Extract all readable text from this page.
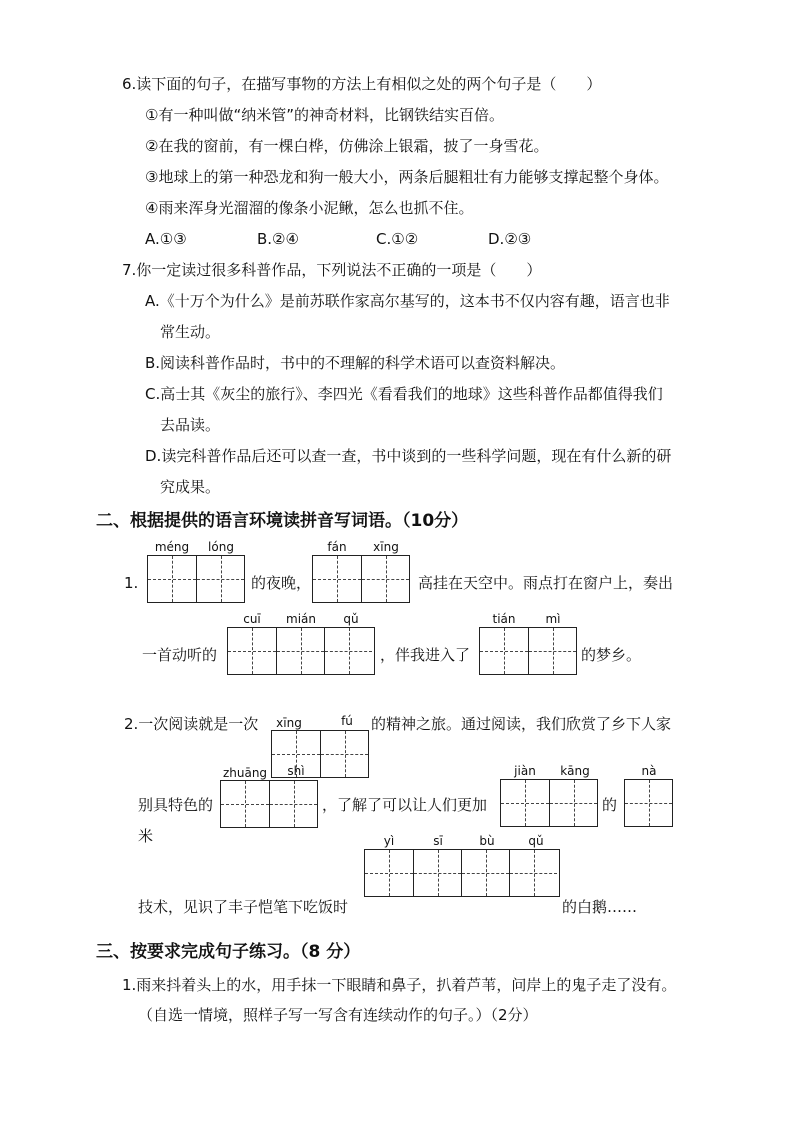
6.读下面的句子，在描写事物的方法上有相似之处的两个句子是（　　）
①有一种叫做“纳米管”的神奇材料，比钢铁结实百倍。
②在我的窗前，有一棵白桦，仿佛涂上银霜，披了一身雪花。
③地球上的第一种恐龙和狗一般大小，两条后腿粗壮有力能够支撑起整个身体。
④雨来浑身光溜溜的像条小泥鳅，怎么也抓不住。
A.①③	B.②④	C.①②	D.②③
7.你一定读过很多科普作品，下列说法不正确的一项是（　　）
A.《十万个为什么》是前苏联作家高尔基写的，这本书不仅内容有趣，语言也非
常生动。
B.阅读科普作品时，书中的不理解的科学术语可以查资料解决。
C.高士其《灰尘的旅行》、李四光《看看我们的地球》这些科普作品都值得我们
去品读。
D.读完科普作品后还可以查一查，书中谈到的一些科学问题，现在有什么新的研
究成果。
二、根据提供的语言环境读拼音写词语。（10分）
1.
méng	lóng
的夜晚，
fán	xīng
高挂在天空中。雨点打在窗户上，奏出
一首动听的
cuī	mián	qǔ
，伴我进入了
tián	mì
的梦乡。
2.一次阅读就是一次	xīng	fú	的精神之旅。通过阅读，我们欣赏了乡下人家
zhuāng	shì
别具特色的	，了解了可以让人们更加
jiàn	kāng
的
nà
米	yì	sī	bù	qǔ
技术，见识了丰子恺笔下吃饭时	的白鹅……
三、按要求完成句子练习。（8 分）
1.雨来抖着头上的水，用手抹一下眼睛和鼻子，扒着芦苇，问岸上的鬼子走了没有。
（自选一情境，照样子写一写含有连续动作的句子。）（2分）
